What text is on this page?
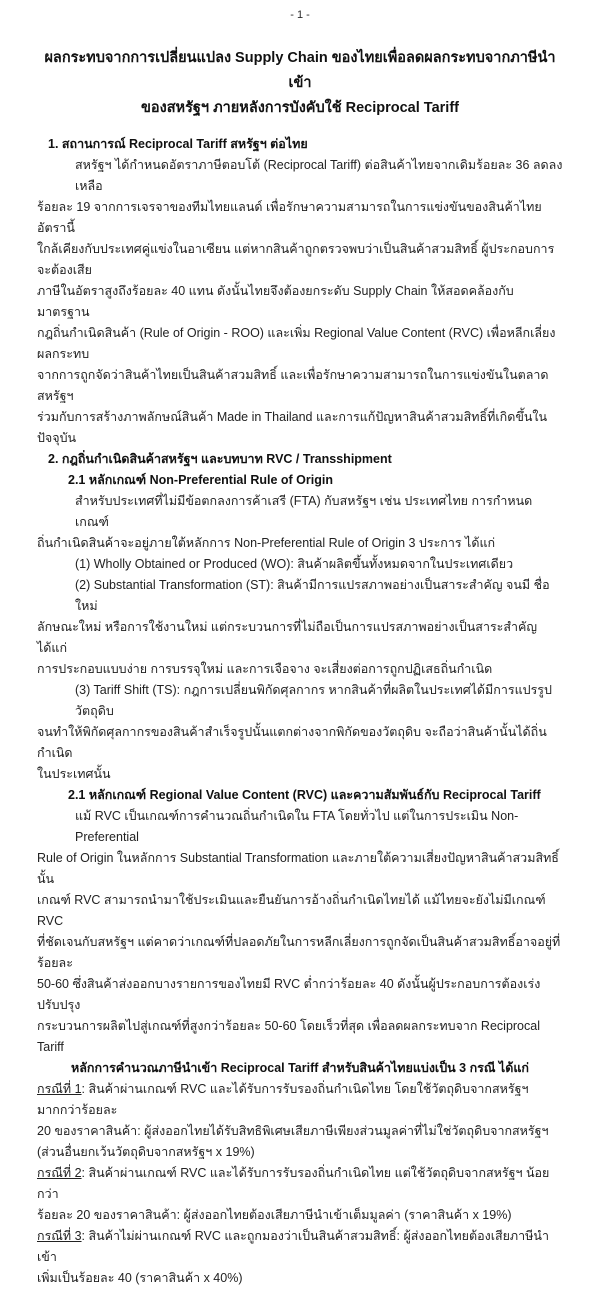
- 1 -
ผลกระทบจากการเปลี่ยนแปลง Supply Chain ของไทยเพื่อลดผลกระทบจากภาษีนำเข้า
ของสหรัฐฯ ภายหลังการบังคับใช้ Reciprocal Tariff
1. สถานการณ์ Reciprocal Tariff สหรัฐฯ ต่อไทย
สหรัฐฯ ได้กำหนดอัตราภาษีตอบโต้ (Reciprocal Tariff) ต่อสินค้าไทยจากเดิมร้อยละ 36 ลดลงเหลือ
ร้อยละ 19 จากการเจรจาของทีมไทยแลนด์ เพื่อรักษาความสามารถในการแข่งขันของสินค้าไทย อัตรานี้
ใกล้เคียงกับประเทศคู่แข่งในอาเซียน แต่หากสินค้าถูกตรวจพบว่าเป็นสินค้าสวมสิทธิ์ ผู้ประกอบการจะต้องเสีย
ภาษีในอัตราสูงถึงร้อยละ 40 แทน ดังนั้นไทยจึงต้องยกระดับ Supply Chain ให้สอดคล้องกับมาตรฐาน
กฎถิ่นกำเนิดสินค้า (Rule of Origin - ROO) และเพิ่ม Regional Value Content (RVC) เพื่อหลีกเลี่ยงผลกระทบ
จากการถูกจัดว่าสินค้าไทยเป็นสินค้าสวมสิทธิ์ และเพื่อรักษาความสามารถในการแข่งขันในตลาดสหรัฐฯ
ร่วมกับการสร้างภาพลักษณ์สินค้า Made in Thailand และการแก้ปัญหาสินค้าสวมสิทธิ์ที่เกิดขึ้นในปัจจุบัน
2. กฎถิ่นกำเนิดสินค้าสหรัฐฯ และบทบาท RVC / Transshipment
2.1 หลักเกณฑ์ Non-Preferential Rule of Origin
สำหรับประเทศที่ไม่มีข้อตกลงการค้าเสรี (FTA) กับสหรัฐฯ เช่น ประเทศไทย การกำหนดเกณฑ์
ถิ่นกำเนิดสินค้าจะอยู่ภายใต้หลักการ Non-Preferential Rule of Origin 3 ประการ ได้แก่
(1) Wholly Obtained or Produced (WO): สินค้าผลิตขึ้นทั้งหมดจากในประเทศเดียว
(2) Substantial Transformation (ST): สินค้ามีการแปรสภาพอย่างเป็นสาระสำคัญ จนมี ชื่อใหม่
ลักษณะใหม่ หรือการใช้งานใหม่ แต่กระบวนการที่ไม่ถือเป็นการแปรสภาพอย่างเป็นสาระสำคัญ ได้แก่
การประกอบแบบง่าย การบรรจุใหม่ และการเจือจาง จะเสี่ยงต่อการถูกปฏิเสธถิ่นกำเนิด
(3) Tariff Shift (TS): กฎการเปลี่ยนพิกัดศุลกากร หากสินค้าที่ผลิตในประเทศได้มีการแปรรูปวัตถุดิบ
จนทำให้พิกัดศุลกากรของสินค้าสำเร็จรูปนั้นแตกต่างจากพิกัดของวัตถุดิบ จะถือว่าสินค้านั้นได้ถิ่นกำเนิด
ในประเทศนั้น
2.1 หลักเกณฑ์ Regional Value Content (RVC) และความสัมพันธ์กับ Reciprocal Tariff
แม้ RVC เป็นเกณฑ์การคำนวณถิ่นกำเนิดใน FTA โดยทั่วไป แต่ในการประเมิน Non-Preferential
Rule of Origin ในหลักการ Substantial Transformation และภายใต้ความเสี่ยงปัญหาสินค้าสวมสิทธิ์นั้น
เกณฑ์ RVC สามารถนำมาใช้ประเมินและยืนยันการอ้างถิ่นกำเนิดไทยได้ แม้ไทยจะยังไม่มีเกณฑ์ RVC
ที่ชัดเจนกับสหรัฐฯ แต่คาดว่าเกณฑ์ที่ปลอดภัยในการหลีกเลี่ยงการถูกจัดเป็นสินค้าสวมสิทธิ์อาจอยู่ที่ร้อยละ
50-60 ซึ่งสินค้าส่งออกบางรายการของไทยมี RVC ต่ำกว่าร้อยละ 40 ดังนั้นผู้ประกอบการต้องเร่งปรับปรุง
กระบวนการผลิตไปสู่เกณฑ์ที่สูงกว่าร้อยละ 50-60 โดยเร็วที่สุด เพื่อลดผลกระทบจาก Reciprocal Tariff
หลักการคำนวณภาษีนำเข้า Reciprocal Tariff สำหรับสินค้าไทยแบ่งเป็น 3 กรณี ได้แก่
กรณีที่ 1: สินค้าผ่านเกณฑ์ RVC และได้รับการรับรองถิ่นกำเนิดไทย โดยใช้วัตถุดิบจากสหรัฐฯ มากกว่าร้อยละ
20 ของราคาสินค้า: ผู้ส่งออกไทยได้รับสิทธิพิเศษเสียภาษีเพียงส่วนมูลค่าที่ไม่ใช่วัตถุดิบจากสหรัฐฯ
(ส่วนอื่นยกเว้นวัตถุดิบจากสหรัฐฯ x 19%)
กรณีที่ 2: สินค้าผ่านเกณฑ์ RVC และได้รับการรับรองถิ่นกำเนิดไทย แต่ใช้วัตถุดิบจากสหรัฐฯ น้อยกว่า
ร้อยละ 20 ของราคาสินค้า: ผู้ส่งออกไทยต้องเสียภาษีนำเข้าเต็มมูลค่า (ราคาสินค้า x 19%)
กรณีที่ 3: สินค้าไม่ผ่านเกณฑ์ RVC และถูกมองว่าเป็นสินค้าสวมสิทธิ์: ผู้ส่งออกไทยต้องเสียภาษีนำเข้า
เพิ่มเป็นร้อยละ 40 (ราคาสินค้า x 40%)
